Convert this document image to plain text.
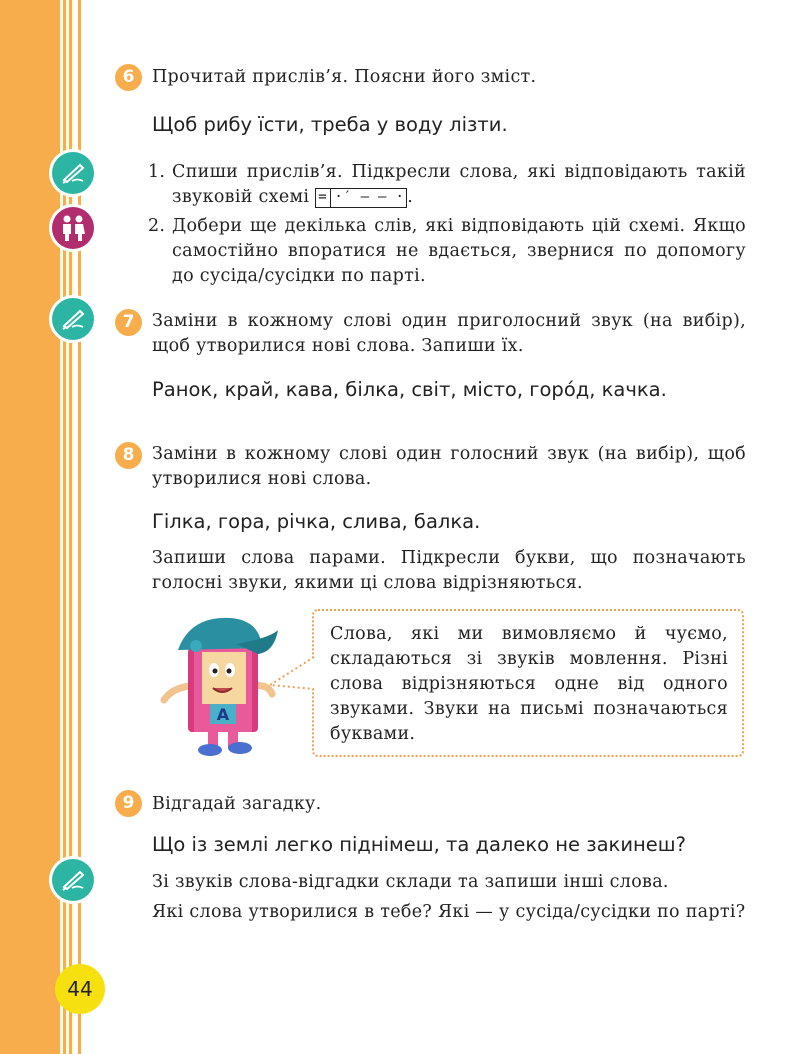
6	Прочитай прислів’я. Поясни його зміст.
Щоб рибу їсти, треба у воду лізти.
1. Спиши прислів’я. Підкресли слова, які відповідають такій звуковій схемі = ·′ — — · .
2. Добери ще декілька слів, які відповідають цій схемі. Якщо самостійно впоратися не вдається, звернися по допомогу до сусіда/сусідки по парті.
7	Заміни в кожному слові один приголосний звук (на вибір), щоб утворилися нові слова. Запиши їх.
Ранок, край, кава, білка, світ, місто, горо́д, качка.
8	Заміни в кожному слові один голосний звук (на вибір), щоб утворилися нові слова.
Гілка, гора, річка, слива, балка.
Запиши слова парами. Підкресли букви, що позначають голосні звуки, якими ці слова відрізняються.
А
Слова, які ми вимовляємо й чуємо, складаються зі звуків мовлення. Різні слова відрізняються одне від одного звуками. Звуки на письмі позначаються буквами.
9	Відгадай загадку.
Що із землі легко піднімеш, та далеко не закинеш?
Зі звуків слова-відгадки склади та запиши інші слова.
Які слова утворилися в тебе? Які — у сусіда/сусідки по парті?
44
